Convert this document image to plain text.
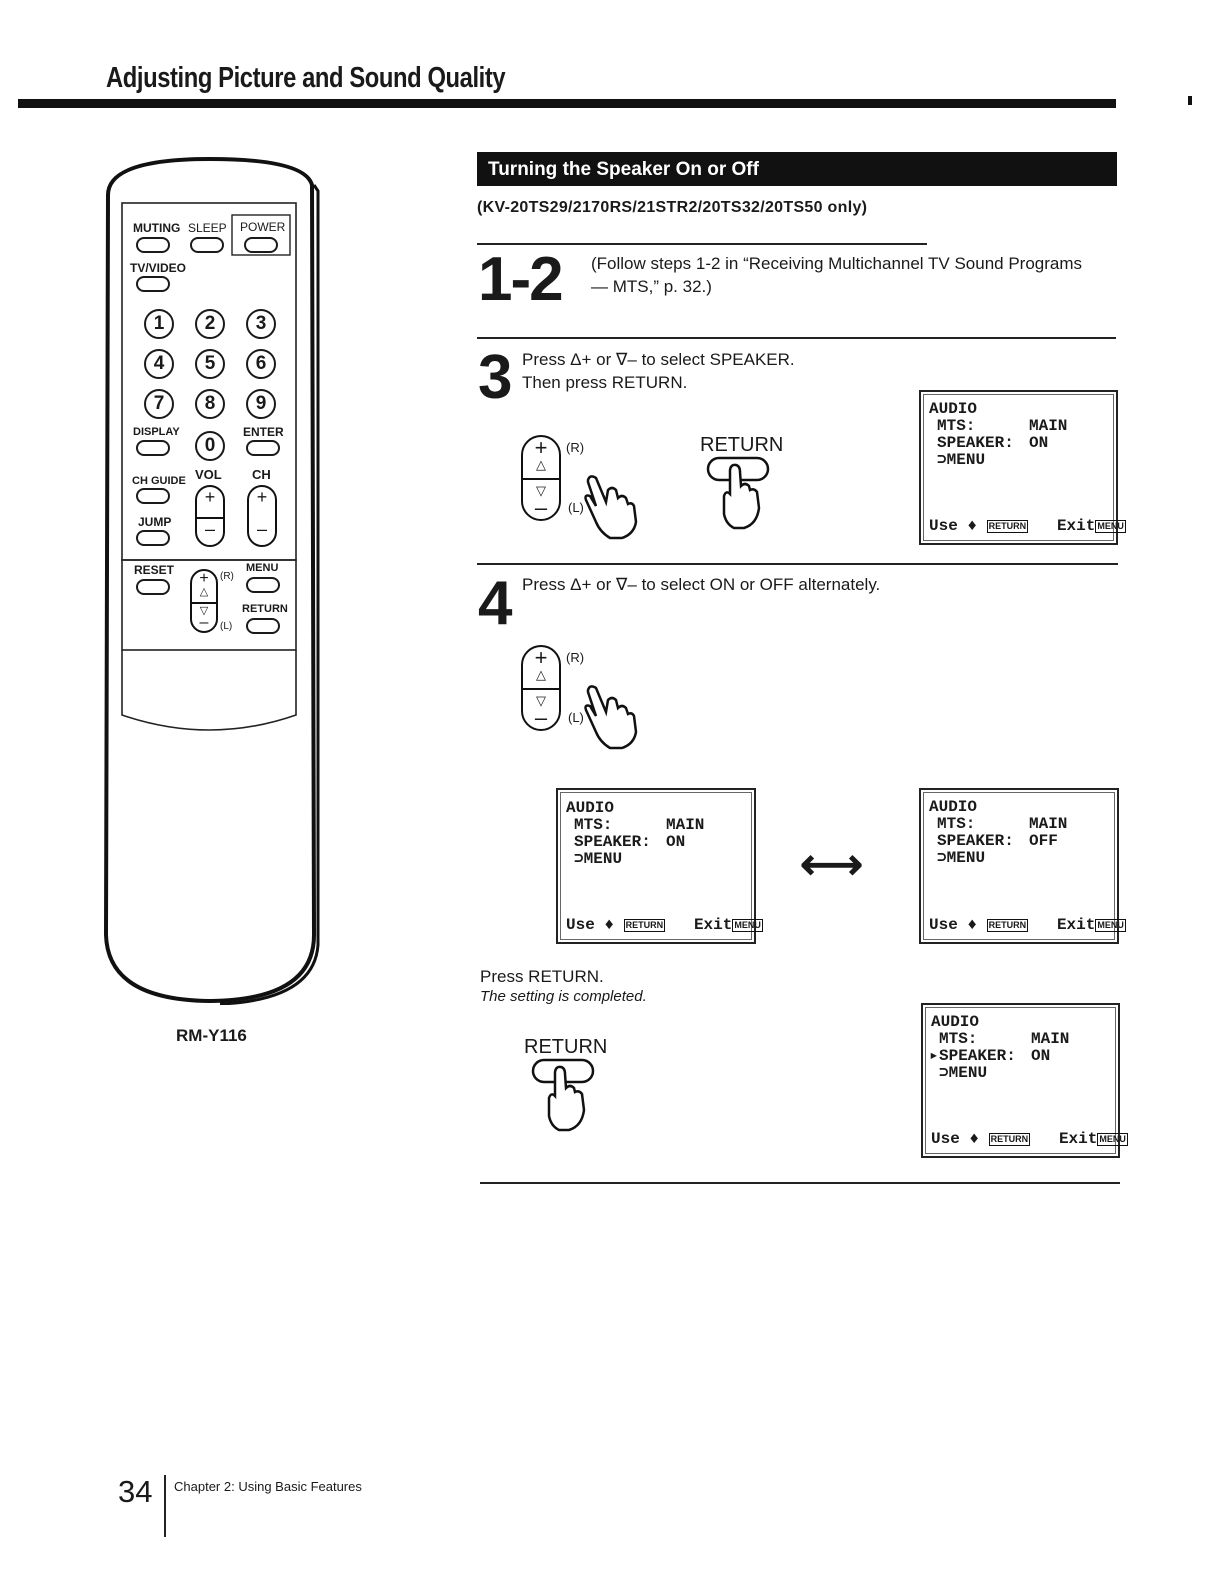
Adjusting Picture and Sound Quality
MUTING SLEEP POWER
TV/VIDEO
1	2	3
4	5	6
7	8	9
DISPLAY
0
ENTER
VOL CH
CH GUIDE
+
–
+
–
JUMP
RESET	+
△
▽
–
(R)
(L)
MENU
RETURN
RM-Y116
Turning the Speaker On or Off
(KV-20TS29/2170RS/21STR2/20TS32/20TS50 only)
1-2 (Follow steps 1-2 in “Receiving Multichannel TV Sound Programs
— MTS,” p. 32.)
3 Press Δ+ or ∇– to select SPEAKER.
Then press RETURN.
+
△
▽
–
(R)
(L)
RETURN
AUDIO
MTS:	MAIN
SPEAKER: ON
⊃MENU
Use ♦ RETURN Exit MENU
4 Press Δ+ or ∇– to select ON or OFF alternately.
+
△
▽
–
(R)
(L)
AUDIO
MTS:	MAIN
SPEAKER: ON
⊃MENU
Use ♦ RETURN Exit MENU
⟷
AUDIO
MTS:	MAIN
SPEAKER: OFF
⊃MENU
Use ♦ RETURN Exit MENU
Press RETURN.
The setting is completed.
RETURN
AUDIO
MTS:	MAIN
▸ SPEAKER: ON
⊃MENU
Use ♦ RETURN Exit MENU
34 Chapter 2: Using Basic Features
